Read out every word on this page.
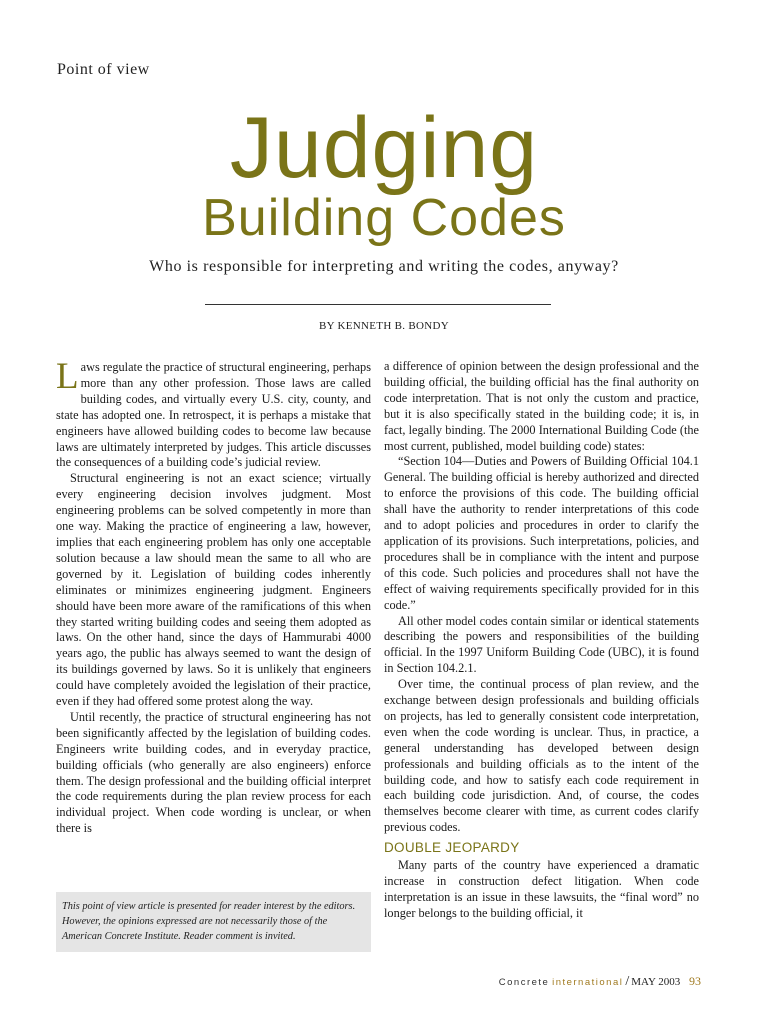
Point of view
Judging
Building Codes
Who is responsible for interpreting and writing the codes, anyway?
BY KENNETH B. BONDY

Laws regulate the practice of structural engineering, perhaps more than any other profession. Those laws are called building codes, and virtually every U.S. city, county, and state has adopted one. In retrospect, it is perhaps a mistake that engineers have allowed building codes to become law because laws are ultimately interpreted by judges. This article discusses the consequences of a building code’s judicial review.

Structural engineering is not an exact science; virtually every engineering decision involves judgment. Most engineering problems can be solved competently in more than one way. Making the practice of engineering a law, however, implies that each engineering problem has only one acceptable solution because a law should mean the same to all who are governed by it. Legislation of building codes inherently eliminates or minimizes engineering judgment. Engineers should have been more aware of the ramifications of this when they started writing building codes and seeing them adopted as laws. On the other hand, since the days of Hammurabi 4000 years ago, the public has always seemed to want the design of its buildings governed by laws. So it is unlikely that engineers could have completely avoided the legislation of their practice, even if they had offered some protest along the way.

Until recently, the practice of structural engineering has not been significantly affected by the legislation of building codes. Engineers write building codes, and in everyday practice, building officials (who generally are also engineers) enforce them. The design professional and the building official interpret the code requirements during the plan review process for each individual project. When code wording is unclear, or when there is

a difference of opinion between the design professional and the building official, the building official has the final authority on code interpretation. That is not only the custom and practice, but it is also specifically stated in the building code; it is, in fact, legally binding. The 2000 International Building Code (the most current, published, model building code) states:

“Section 104—Duties and Powers of Building Official 104.1 General. The building official is hereby authorized and directed to enforce the provisions of this code. The building official shall have the authority to render interpretations of this code and to adopt policies and procedures in order to clarify the application of its provisions. Such interpretations, policies, and procedures shall be in compliance with the intent and purpose of this code. Such policies and procedures shall not have the effect of waiving requirements specifically provided for in this code.”

All other model codes contain similar or identical statements describing the powers and responsibilities of the building official. In the 1997 Uniform Building Code (UBC), it is found in Section 104.2.1.

Over time, the continual process of plan review, and the exchange between design professionals and building officials on projects, has led to generally consistent code interpretation, even when the code wording is unclear. Thus, in practice, a general understanding has developed between design professionals and building officials as to the intent of the building code, and how to satisfy each code requirement in each building code jurisdiction. And, of course, the codes themselves become clearer with time, as current codes clarify previous codes.

DOUBLE JEOPARDY

Many parts of the country have experienced a dramatic increase in construction defect litigation. When code interpretation is an issue in these lawsuits, the “final word” no longer belongs to the building official, it

This point of view article is presented for reader interest by the editors. However, the opinions expressed are not necessarily those of the American Concrete Institute. Reader comment is invited.
Concrete international / MAY 2003 93
